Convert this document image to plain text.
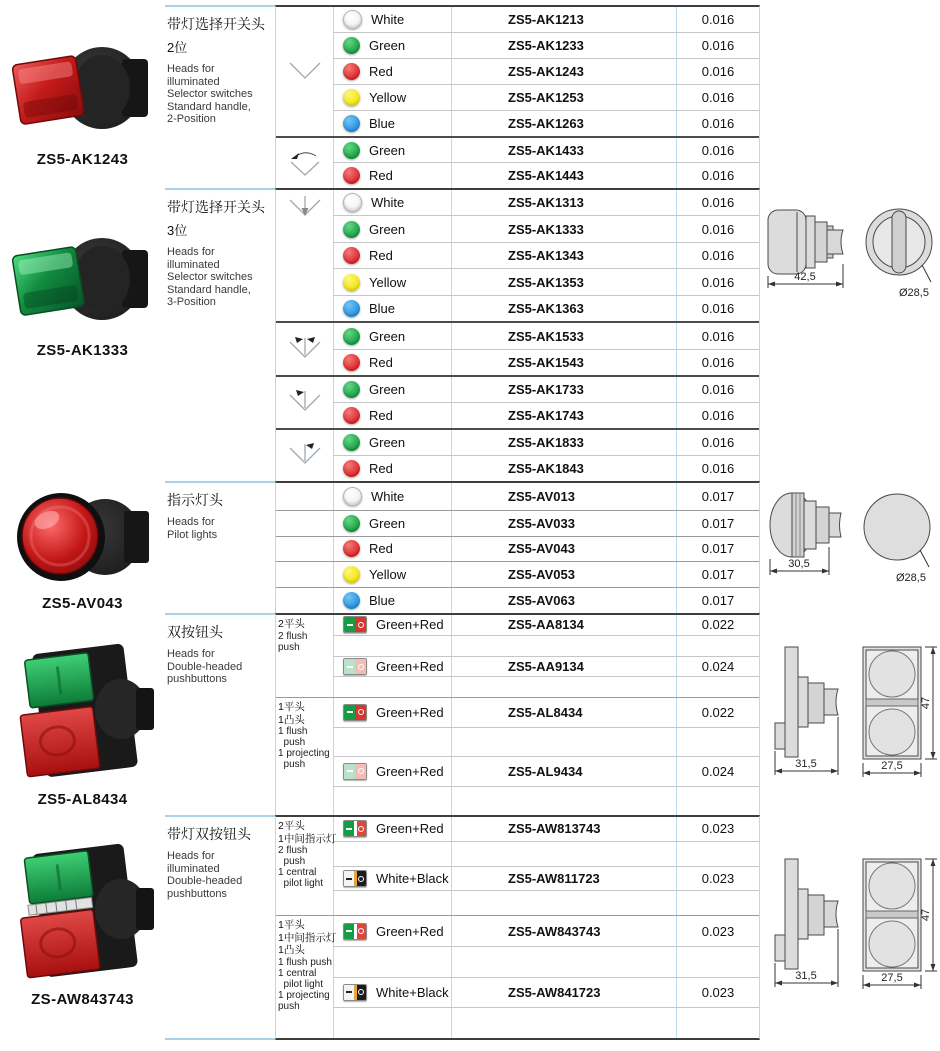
ZS5-AK1243
带灯选择开关头
2位
Heads for
illuminated
Selector switches
Standard handle,
2-Position
White	ZS5-AK1213	0.016
Green	ZS5-AK1233	0.016
Red	ZS5-AK1243	0.016
Yellow	ZS5-AK1253	0.016
Blue	ZS5-AK1263	0.016
Green	ZS5-AK1433	0.016
Red	ZS5-AK1443	0.016
ZS5-AK1333
带灯选择开关头
3位
Heads for
illuminated
Selector switches
Standard handle,
3-Position
White	ZS5-AK1313	0.016
Green	ZS5-AK1333	0.016
Red	ZS5-AK1343	0.016
Yellow	ZS5-AK1353	0.016
Blue	ZS5-AK1363	0.016
Green	ZS5-AK1533	0.016
Red	ZS5-AK1543	0.016
Green	ZS5-AK1733	0.016
Red	ZS5-AK1743	0.016
Green	ZS5-AK1833	0.016
Red	ZS5-AK1843	0.016
42,5
Ø28,5
ZS5-AV043
指示灯头
Heads for
Pilot lights
White	ZS5-AV013	0.017
Green	ZS5-AV033	0.017
Red	ZS5-AV043	0.017
Yellow	ZS5-AV053	0.017
Blue	ZS5-AV063	0.017
30,5
Ø28,5
ZS5-AL8434
双按钮头
Heads for
Double-headed
pushbuttons
2平头
2 flush
push
Green+Red	ZS5-AA8134	0.022
Green+Red	ZS5-AA9134	0.024
1平头
1凸头
1 flush
push
1 projecting
push
Green+Red	ZS5-AL8434	0.022
Green+Red	ZS5-AL9434	0.024	31,5	27,5
47
ZS-AW843743
带灯双按钮头
Heads for
illuminated
Double-headed
pushbuttons
2平头
1中间指示灯
2 flush
push
1 central
pilot light
Green+Red	ZS5-AW813743	0.023
White+Black	ZS5-AW811723	0.023
1平头
1中间指示灯
1凸头
1 flush push
1 central
pilot light
1 projecting
push
Green+Red	ZS5-AW843743	0.023
White+Black	ZS5-AW841723	0.023
31,5	27,5
47
